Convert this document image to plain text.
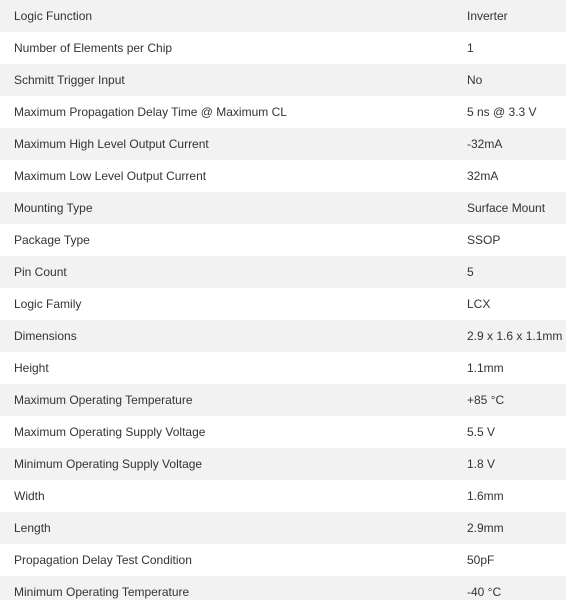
Logic Function	Inverter
Number of Elements per Chip	1
Schmitt Trigger Input	No
Maximum Propagation Delay Time @ Maximum CL	5 ns @ 3.3 V
Maximum High Level Output Current	-32mA
Maximum Low Level Output Current	32mA
Mounting Type	Surface Mount
Package Type	SSOP
Pin Count	5
Logic Family	LCX
Dimensions	2.9 x 1.6 x 1.1mm
Height	1.1mm
Maximum Operating Temperature	+85 °C
Maximum Operating Supply Voltage	5.5 V
Minimum Operating Supply Voltage	1.8 V
Width	1.6mm
Length	2.9mm
Propagation Delay Test Condition	50pF
Minimum Operating Temperature	-40 °C
